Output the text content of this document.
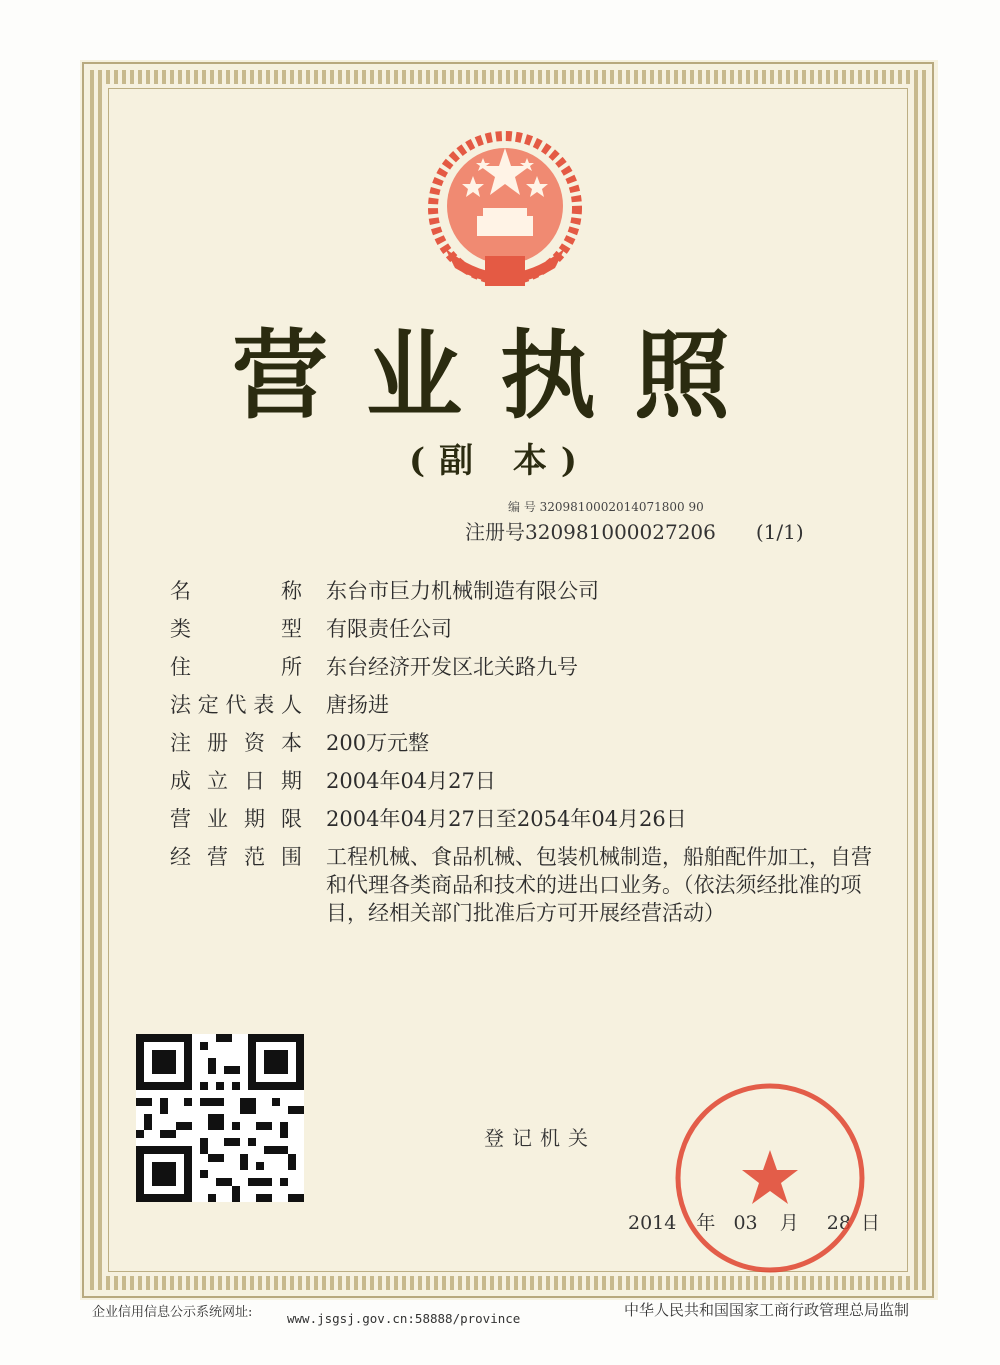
营业执照
(副 本)
编 号 3209810002014071800 90
注册号320981000027206 (1/1)
名	称 东台市巨力机械制造有限公司
类	型 有限责任公司
住	所 东台经济开发区北关路九号
法 定 代 表 人 唐扬进
注 册 资 本 200万元整
成 立 日 期 2004年04月27日
营 业 期 限 2004年04月27日至2054年04月26日
经 营 范 围 工程机械、食品机械、包装机械制造，船舶配件加工，自营和代理各类商品和技术的进出口业务。（依法须经批准的项目，经相关部门批准后方可开展经营活动）
登记机关
2014 年 03 月 28 日
企业信用信息公示系统网址:	www.jsgsj.gov.cn:58888/province	中华人民共和国国家工商行政管理总局监制
